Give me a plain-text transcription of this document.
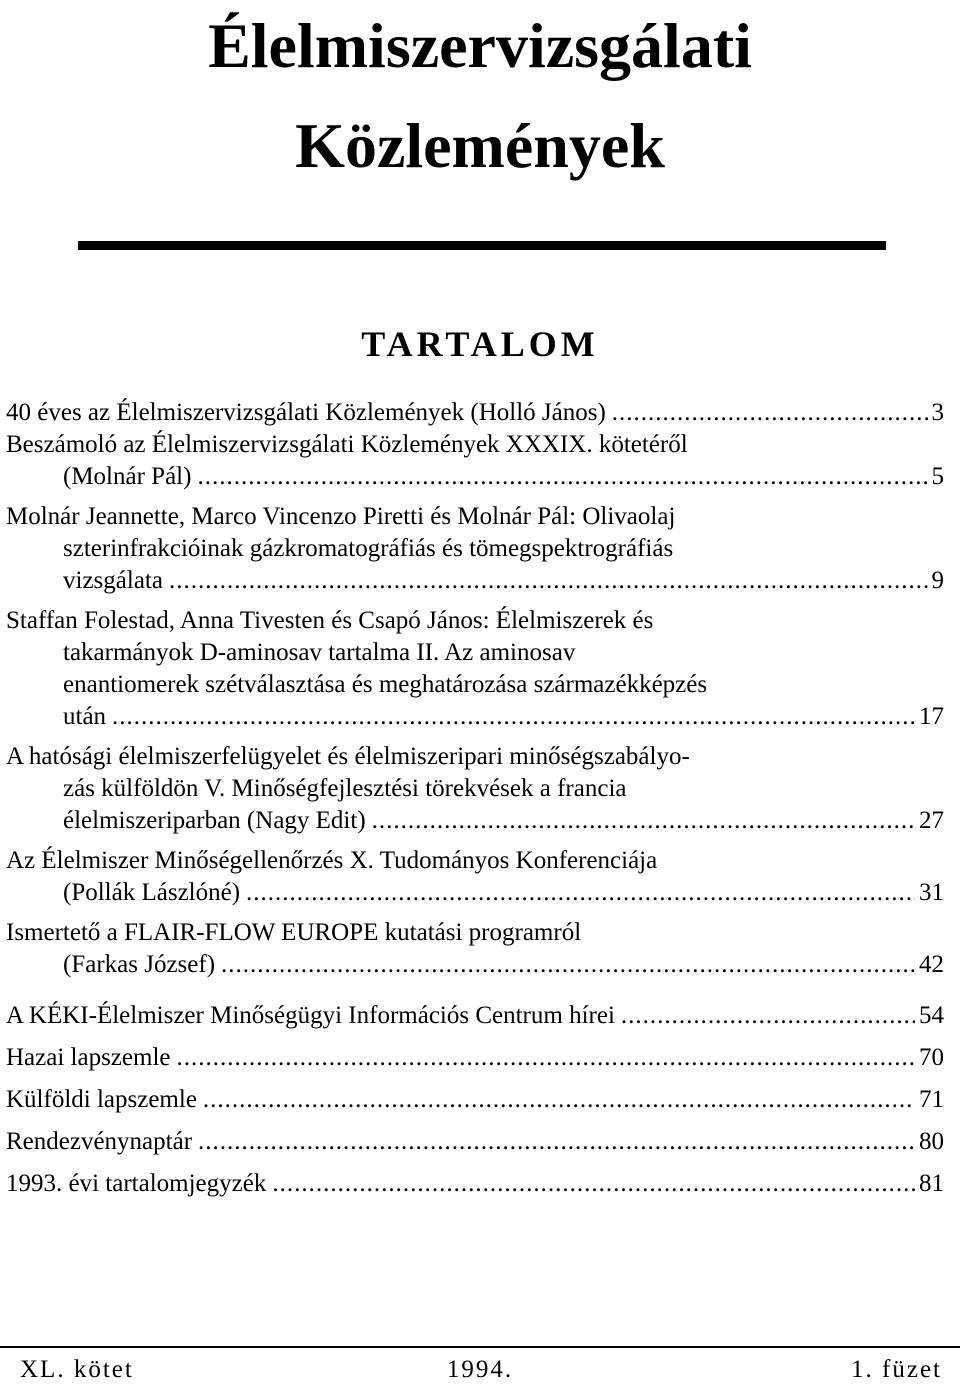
Élelmiszervizsgálati
Közlemények
TARTALOM
40 éves az Élelmiszervizsgálati Közlemények (Holló János) .....	3
Beszámoló az Élelmiszervizsgálati Közlemények XXXIX. kötetéről
(Molnár Pál) .....	5
Molnár Jeannette, Marco Vincenzo Piretti és Molnár Pál: Olivaolaj
szterinfrakcióinak gázkromatográfiás és tömegspektrográfiás
vizsgálata .....	9
Staffan Folestad, Anna Tivesten és Csapó János: Élelmiszerek és
takarmányok D-aminosav tartalma II. Az aminosav
enantiomerek szétválasztása és meghatározása származékképzés
után .....	17
A hatósági élelmiszerfelügyelet és élelmiszeripari minőségszabályo-
zás külföldön V. Minőségfejlesztési törekvések a francia
élelmiszeriparban (Nagy Edit) .....	27
Az Élelmiszer Minőségellenőrzés X. Tudományos Konferenciája
(Pollák Lászlóné) .....	31
Ismertető a FLAIR-FLOW EUROPE kutatási programról
(Farkas József) .....	42
A KÉKI-Élelmiszer Minőségügyi Információs Centrum hírei .....	54
Hazai lapszemle .....	70
Külföldi lapszemle .....	71
Rendezvénynaptár .....	80
1993. évi tartalomjegyzék .....	81

1994.

XL. kötet	1. füzet
